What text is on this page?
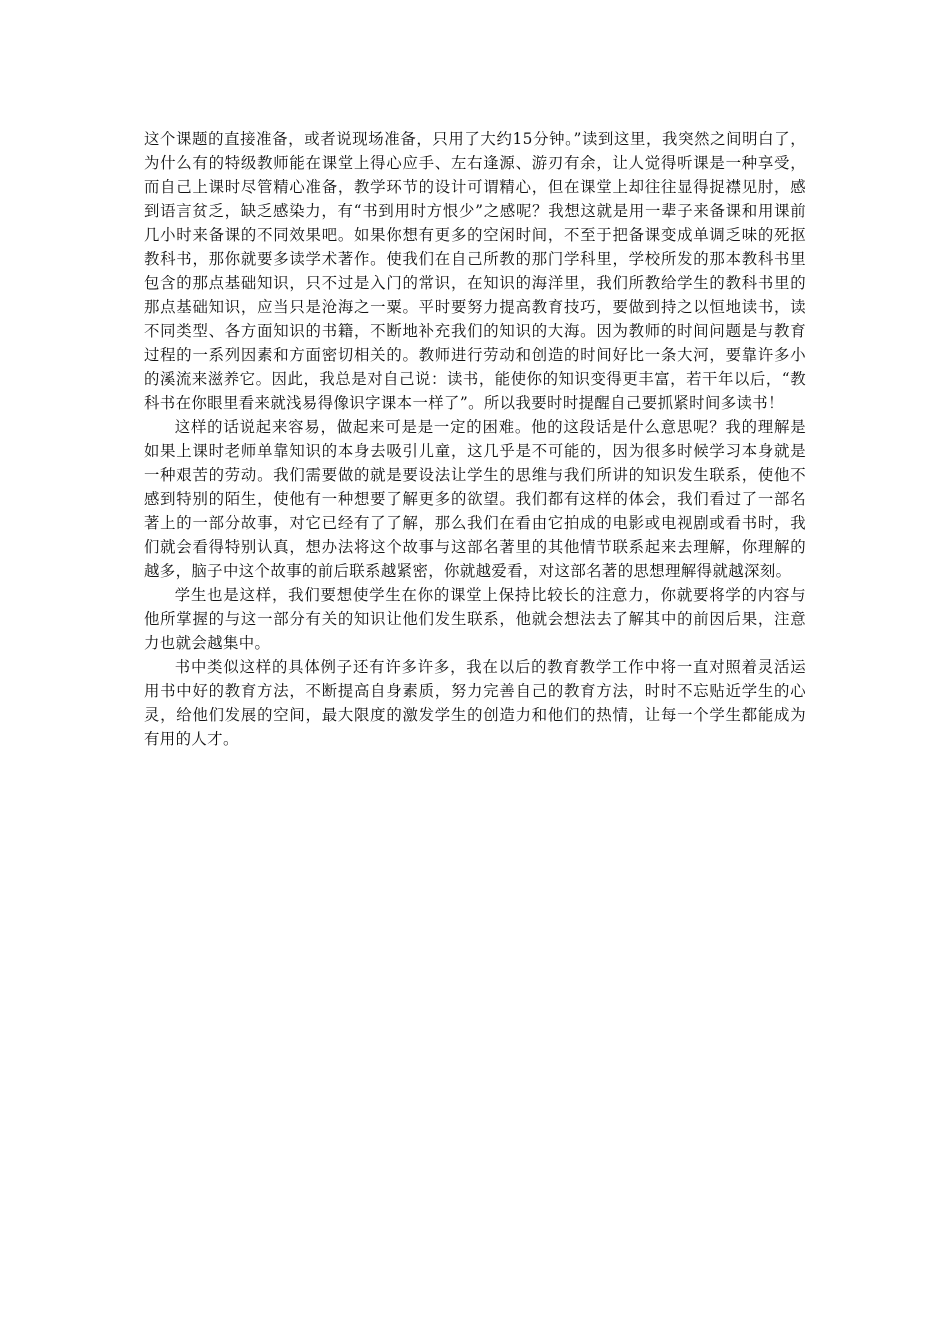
这个课题的直接准备，或者说现场准备，只用了大约15分钟。”读到这里，我突然之间明白了，为什么有的特级教师能在课堂上得心应手、左右逢源、游刃有余，让人觉得听课是一种享受，而自己上课时尽管精心准备，教学环节的设计可谓精心，但在课堂上却往往显得捉襟见肘，感到语言贫乏，缺乏感染力，有“书到用时方恨少”之感呢？我想这就是用一辈子来备课和用课前几小时来备课的不同效果吧。如果你想有更多的空闲时间，不至于把备课变成单调乏味的死抠教科书，那你就要多读学术著作。使我们在自己所教的那门学科里，学校所发的那本教科书里包含的那点基础知识，只不过是入门的常识，在知识的海洋里，我们所教给学生的教科书里的那点基础知识，应当只是沧海之一粟。平时要努力提高教育技巧，要做到持之以恒地读书，读不同类型、各方面知识的书籍，不断地补充我们的知识的大海。因为教师的时间问题是与教育过程的一系列因素和方面密切相关的。教师进行劳动和创造的时间好比一条大河，要靠许多小的溪流来滋养它。因此，我总是对自己说：读书，能使你的知识变得更丰富，若干年以后，“教科书在你眼里看来就浅易得像识字课本一样了”。所以我要时时提醒自己要抓紧时间多读书！

这样的话说起来容易，做起来可是是一定的困难。他的这段话是什么意思呢？我的理解是如果上课时老师单靠知识的本身去吸引儿童，这几乎是不可能的，因为很多时候学习本身就是一种艰苦的劳动。我们需要做的就是要设法让学生的思维与我们所讲的知识发生联系，使他不感到特别的陌生，使他有一种想要了解更多的欲望。我们都有这样的体会，我们看过了一部名著上的一部分故事，对它已经有了了解，那么我们在看由它拍成的电影或电视剧或看书时，我们就会看得特别认真，想办法将这个故事与这部名著里的其他情节联系起来去理解，你理解的越多，脑子中这个故事的前后联系越紧密，你就越爱看，对这部名著的思想理解得就越深刻。

学生也是这样，我们要想使学生在你的课堂上保持比较长的注意力，你就要将学的内容与他所掌握的与这一部分有关的知识让他们发生联系，他就会想法去了解其中的前因后果，注意力也就会越集中。

书中类似这样的具体例子还有许多许多，我在以后的教育教学工作中将一直对照着灵活运用书中好的教育方法，不断提高自身素质，努力完善自己的教育方法，时时不忘贴近学生的心灵，给他们发展的空间，最大限度的激发学生的创造力和他们的热情，让每一个学生都能成为有用的人才。
